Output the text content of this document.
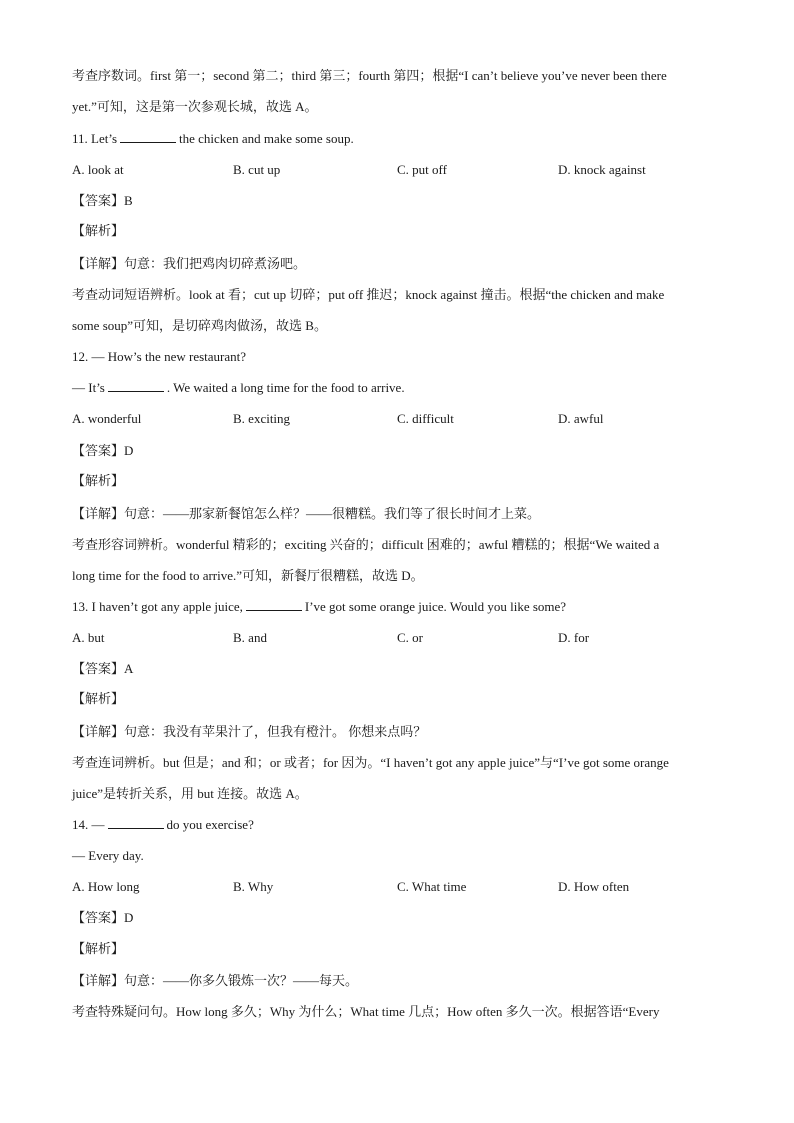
考查序数词。first 第一；second 第二；third 第三；fourth 第四；根据“I can’t believe you’ve never been there
yet.”可知，这是第一次参观长城，故选 A。
11. Let’s	the chicken and make some soup.
A. look at	B. cut up	C. put off	D. knock against
【答案】B
【解析】
【详解】句意：我们把鸡肉切碎煮汤吧。
考查动词短语辨析。look at 看；cut up 切碎；put off 推迟；knock against 撞击。根据“the chicken and make
some soup”可知，是切碎鸡肉做汤，故选 B。
12. — How’s the new restaurant?
— It’s	. We waited a long time for the food to arrive.
A. wonderful	B. exciting	C. difficult	D. awful
【答案】D
【解析】
【详解】句意：——那家新餐馆怎么样？——很糟糕。我们等了很长时间才上菜。
考查形容词辨析。wonderful 精彩的；exciting 兴奋的；difficult 困难的；awful 糟糕的；根据“We waited a
long time for the food to arrive.”可知，新餐厅很糟糕，故选 D。
13. I haven’t got any apple juice,	I’ve got some orange juice. Would you like some?
A. but	B. and	C. or	D. for
【答案】A
【解析】
【详解】句意：我没有苹果汁了，但我有橙汁。 你想来点吗？
考查连词辨析。but 但是；and 和；or 或者；for 因为。“I haven’t got any apple juice”与“I’ve got some orange
juice”是转折关系，用 but 连接。故选 A。
14. —	do you exercise?
— Every day.
A. How long	B. Why	C. What time	D. How often
【答案】D
【解析】
【详解】句意：——你多久锻炼一次？——每天。
考查特殊疑问句。How long 多久；Why 为什么；What time 几点；How often 多久一次。根据答语“Every
